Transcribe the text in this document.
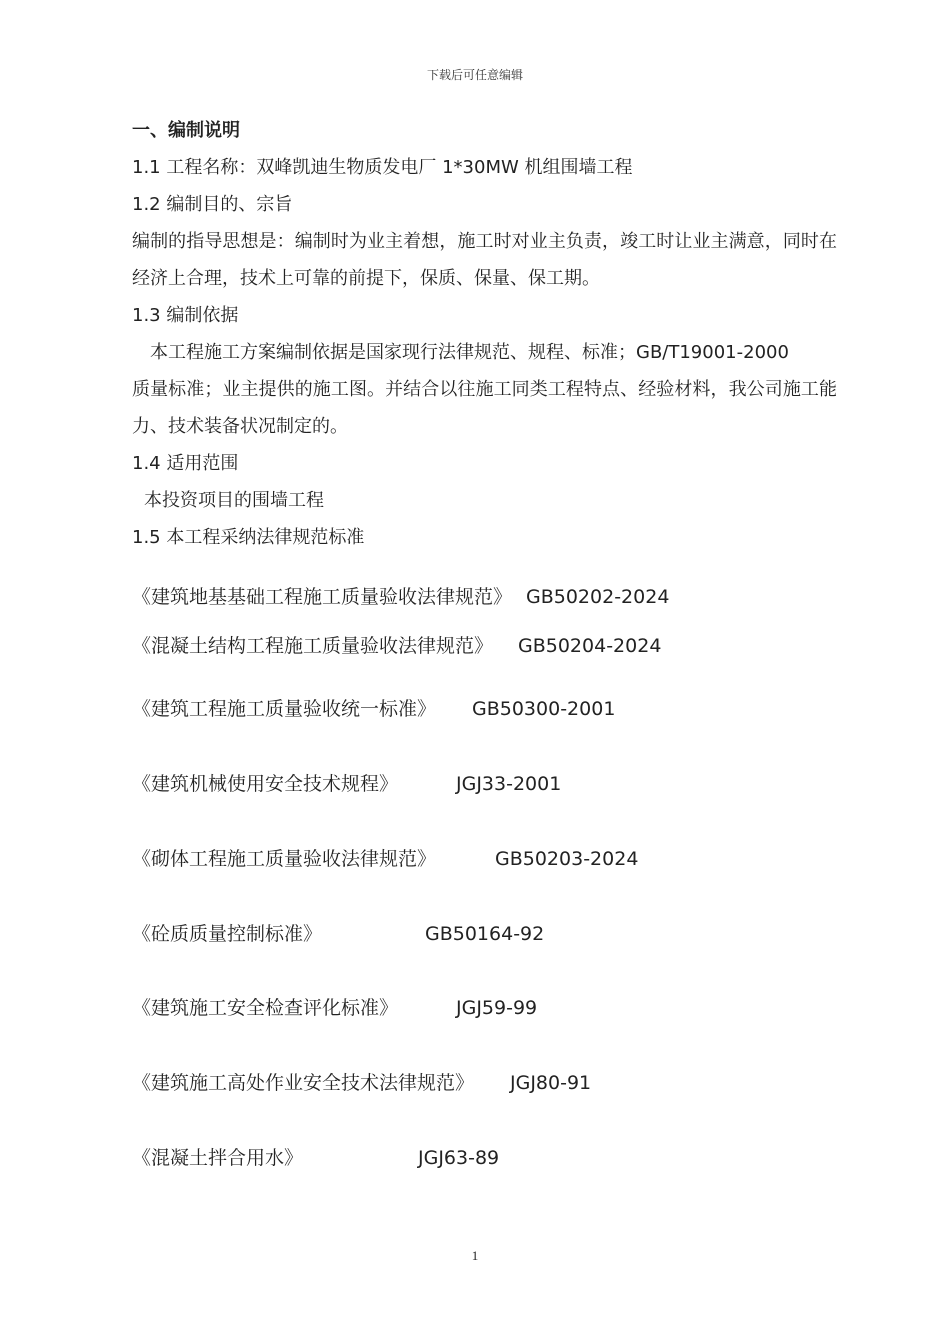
下载后可任意编辑
一、编制说明
1.1 工程名称：双峰凯迪生物质发电厂 1*30MW 机组围墙工程
1.2 编制目的、宗旨
编制的指导思想是：编制时为业主着想，施工时对业主负责，竣工时让业主满意，同时在经济上合理，技术上可靠的前提下，保质、保量、保工期。
1.3 编制依据
本工程施工方案编制依据是国家现行法律规范、规程、标准；GB/T19001-2000
质量标准；业主提供的施工图。并结合以往施工同类工程特点、经验材料，我公司施工能力、技术装备状况制定的。
1.4 适用范围
本投资项目的围墙工程
1.5 本工程采纳法律规范标准
《建筑地基基础工程施工质量验收法律规范》 GB50202-2024
《混凝土结构工程施工质量验收法律规范》 GB50204-2024
《建筑工程施工质量验收统一标准》 GB50300-2001
《建筑机械使用安全技术规程》	JGJ33-2001
《砌体工程施工质量验收法律规范》	GB50203-2024
《砼质质量控制标准》	GB50164-92
《建筑施工安全检查评化标准》	JGJ59-99
《建筑施工高处作业安全技术法律规范》 JGJ80-91
《混凝土拌合用水》	JGJ63-89
1
